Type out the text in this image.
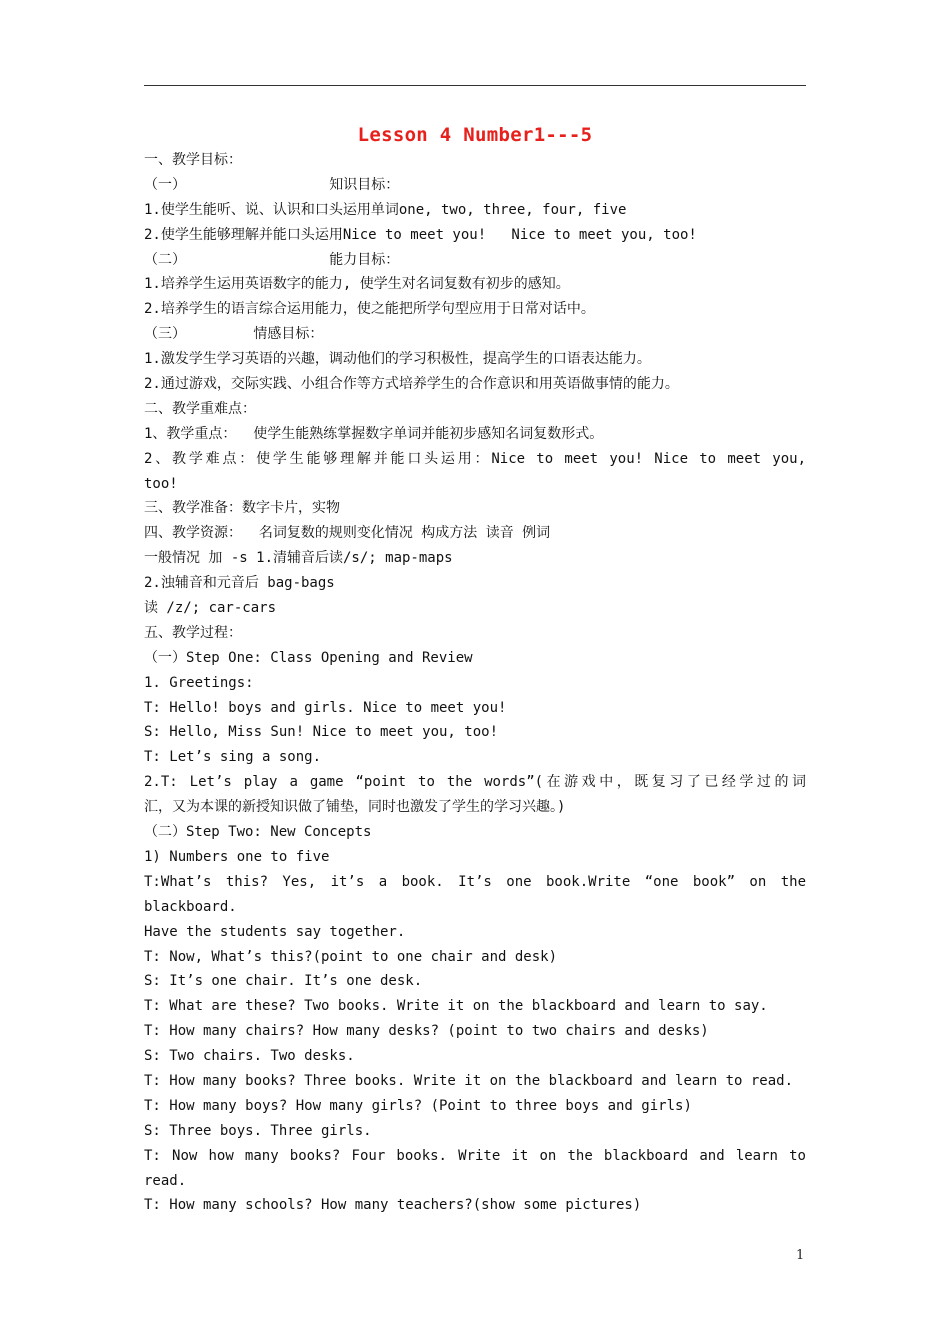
Lesson 4 Number1---5
一、教学目标：
（一）                 知识目标：
1.使学生能听、说、认识和口头运用单词one, two, three, four, five
2.使学生能够理解并能口头运用Nice to meet you!   Nice to meet you, too!
（二）                 能力目标：
1.培养学生运用英语数字的能力, 使学生对名词复数有初步的感知。
2.培养学生的语言综合运用能力，使之能把所学句型应用于日常对话中。
（三）        情感目标：
1.激发学生学习英语的兴趣，调动他们的学习积极性，提高学生的口语表达能力。
2.通过游戏，交际实践、小组合作等方式培养学生的合作意识和用英语做事情的能力。
二、教学重难点：
1、教学重点：  使学生能熟练掌握数字单词并能初步感知名词复数形式。
2、教学难点：使学生能够理解并能口头运用：Nice to meet you! Nice to meet you,
too!
三、教学准备：数字卡片，实物
四、教学资源：  名词复数的规则变化情况 构成方法 读音 例词
一般情况 加 -s 1.清辅音后读/s/; map-maps
2.浊辅音和元音后 bag-bags
读 /z/; car-cars
五、教学过程：
（一）Step One: Class Opening and Review
1. Greetings:
T: Hello! boys and girls. Nice to meet you!
S: Hello, Miss Sun! Nice to meet you, too!
T: Let’s sing a song.
2.T: Let’s play a game “point to the words”(在游戏中，既复习了已经学过的词
汇，又为本课的新授知识做了铺垫，同时也激发了学生的学习兴趣。)
（二）Step Two: New Concepts
1) Numbers one to five
T:What’s this? Yes, it’s a book. It’s one book.Write “one book” on the
blackboard.
Have the students say together.
T: Now, What’s this?(point to one chair and desk)
S: It’s one chair. It’s one desk.
T: What are these? Two books. Write it on the blackboard and learn to say.
T: How many chairs? How many desks? (point to two chairs and desks)
S: Two chairs. Two desks.
T: How many books? Three books. Write it on the blackboard and learn to read.
T: How many boys? How many girls? (Point to three boys and girls)
S: Three boys. Three girls.
T: Now how many books? Four books. Write it on the blackboard and learn to
read.
T: How many schools? How many teachers?(show some pictures)
1
